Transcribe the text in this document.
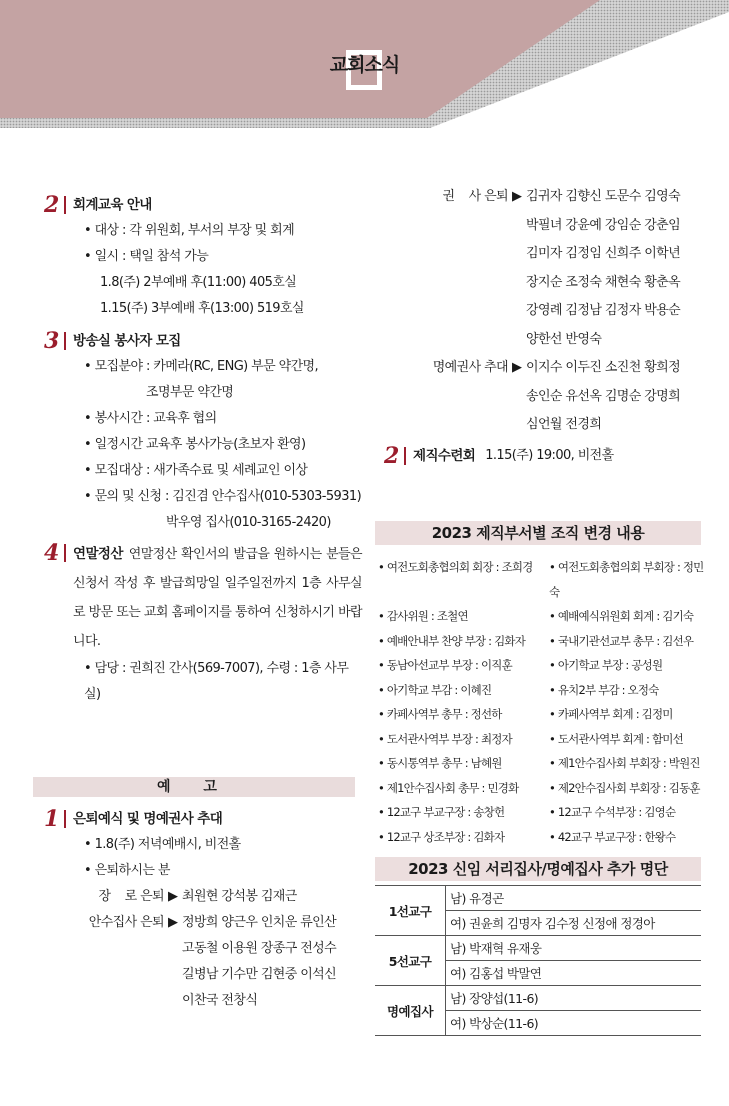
교회소식
2 회계교육 안내
• 대상 : 각 위원회, 부서의 부장 및 회계
• 일시 : 택일 참석 가능
1.8(주) 2부예배 후(11:00) 405호실
1.15(주) 3부예배 후(13:00) 519호실
3 방송실 봉사자 모집
• 모집분야 : 카메라(RC, ENG) 부문 약간명,
조명부문 약간명
• 봉사시간 : 교육후 협의
• 일정시간 교육후 봉사가능(초보자 환영)
• 모집대상 : 새가족수료 및 세례교인 이상
• 문의 및 신청 : 김진겸 안수집사(010-5303-5931)
박우영 집사(010-3165-2420)
4 연말정산 연말정산 확인서의 발급을 원하시는 분들은 신청서 작성 후 발급희망일 일주일전까지 1층 사무실로 방문 또는 교회 홈페이지를 통하여 신청하시기 바랍니다.
• 담당 : 권희진 간사(569-7007), 수령 : 1층 사무실)
예 고
1 은퇴예식 및 명예권사 추대
• 1.8(주) 저녁예배시, 비전홀
• 은퇴하시는 분
장    로 은퇴 ▶ 최원현 강석봉 김재근
안수집사 은퇴 ▶ 정방희 양근우 인치운 류인산
고동철 이용원 장종구 전성수
길병남 기수만 김현중 이석신
이찬국 전창식
권    사 은퇴 ▶ 김귀자 김향신 도문수 김영숙
박필녀 강윤예 강임순 강춘임
김미자 김정임 신희주 이학년
장지순 조정숙 채현숙 황춘옥
강영례 김정남 김정자 박용순
양한선 반영숙
명예권사 추대 ▶ 이지수 이두진 소진천 황희정
송인순 유선옥 김명순 강명희
심언월 전경희
2 제직수련회 1.15(주) 19:00, 비전홀
2023 제직부서별 조직 변경 내용
• 여전도회총협의회 회장 : 조희경	• 여전도회총협의회 부회장 : 정민숙
• 감사위원 : 조철연	• 예배예식위원회 회계 : 김기숙
• 예배안내부 찬양 부장 : 김화자	• 국내기관선교부 총무 : 김선우
• 동남아선교부 부장 : 이직훈	• 아기학교 부장 : 공성원
• 아기학교 부감 : 이혜진	• 유치2부 부감 : 오정숙
• 카페사역부 총무 : 정선하	• 카페사역부 회계 : 김정미
• 도서관사역부 부장 : 최정자	• 도서관사역부 회계 : 함미선
• 동시통역부 총무 : 남혜원	• 제1안수집사회 부회장 : 박원진
• 제1안수집사회 총무 : 민경화	• 제2안수집사회 부회장 : 김동훈
• 12교구 부교구장 : 송창헌	• 12교구 수석부장 : 김영순
• 12교구 상조부장 : 김화자	• 42교구 부교구장 : 한왕수
2023 신임 서리집사/명예집사 추가 명단
1선교구	남) 유경곤
	여) 권윤희 김명자 김수정 신정애 정경아
5선교구	남) 박재혁 유재웅
	여) 김홍섭 박말연
명예집사	남) 장양섭(11-6)
	여) 박상순(11-6)
